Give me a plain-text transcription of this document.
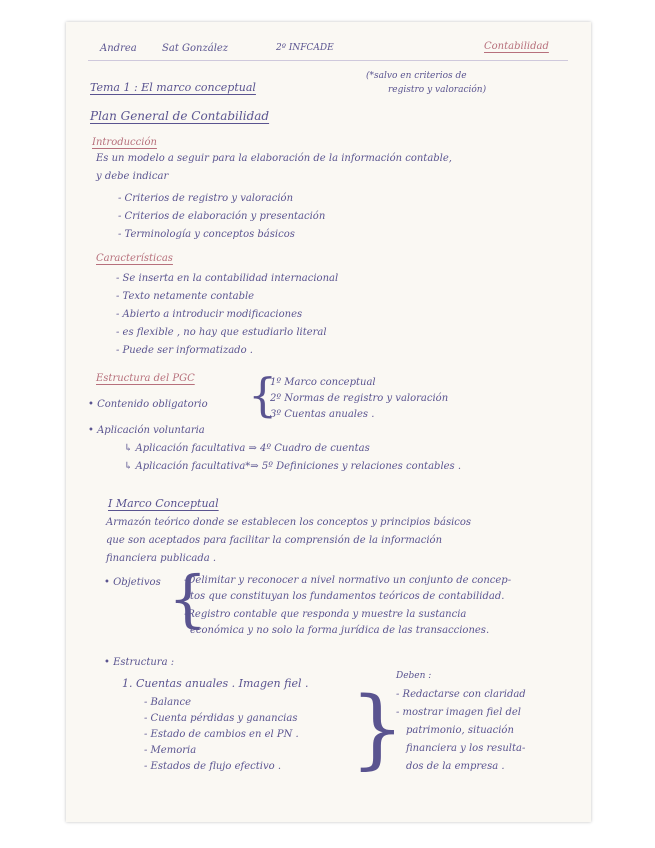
Andrea	Sat González	2º INFCADE	Contabilidad
Tema 1 : El marco conceptual
(*salvo en criterios de
registro y valoración)
Plan General de Contabilidad
Introducción
Es un modelo a seguir para la elaboración de la información contable,
y debe indicar
- Criterios de registro y valoración
- Criterios de elaboración y presentación
- Terminología y conceptos básicos
Características
- Se inserta en la contabilidad internacional
- Texto netamente contable
- Abierto a introducir modificaciones
- es flexible , no hay que estudiarlo literal
- Puede ser informatizado .
Estructura del PGC
• Contenido obligatorio {
1º Marco conceptual
2º Normas de registro y valoración
3º Cuentas anuales .
• Aplicación voluntaria
↳ Aplicación facultativa ⇒ 4º Cuadro de cuentas
↳ Aplicación facultativa*⇒ 5º Definiciones y relaciones contables .
I Marco Conceptual
Armazón teórico donde se establecen los conceptos y principios básicos
que son aceptados para facilitar la comprensión de la información
financiera publicada .
• Objetivos {
-Delimitar y reconocer a nivel normativo un conjunto de concep-
tos que constituyan los fundamentos teóricos de contabilidad.
-Registro contable que responda y muestre la sustancia
económica y no solo la forma jurídica de las transacciones.
• Estructura :
1. Cuentas anuales . Imagen fiel .
- Balance
- Cuenta pérdidas y ganancias
- Estado de cambios en el PN .
- Memoria
- Estados de flujo efectivo . }
Deben :
- Redactarse con claridad
- mostrar imagen fiel del
patrimonio, situación
financiera y los resulta-
dos de la empresa .
